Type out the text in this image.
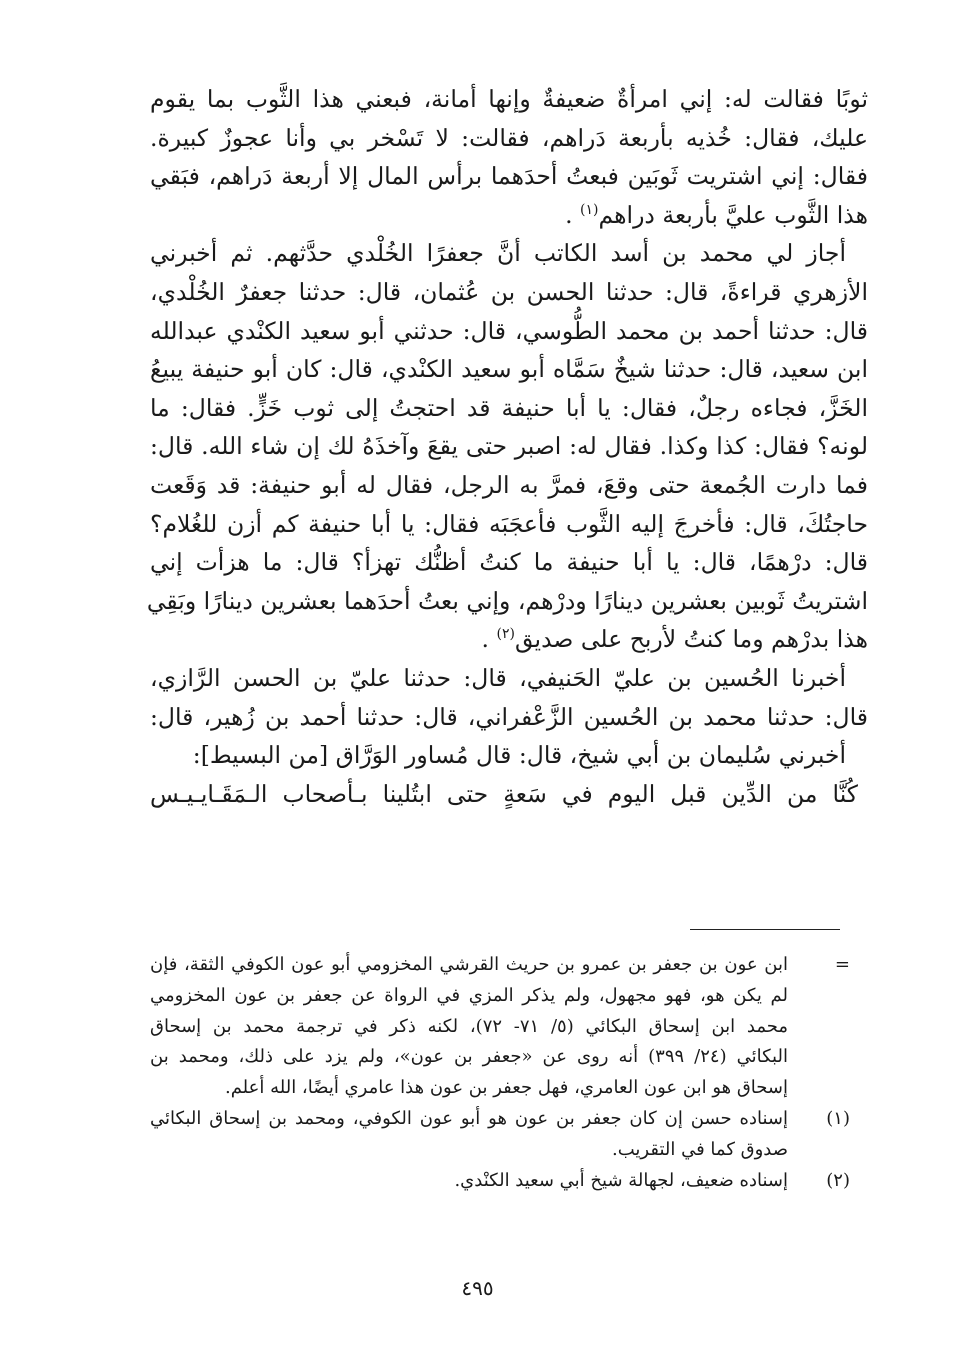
ثوبًا فقالت له: إني امرأةٌ ضعيفةٌ وإنها أمانة، فبعني هذا الثَّوب بما يقوم
عليك، فقال: خُذيه بأربعة دَراهم، فقالت: لا تَسْخر بي وأنا عجوزٌ كبيرة.
فقال: إني اشتريت ثَوبَين فبعتُ أحدَهما برأس المال إلا أربعة دَراهم، فبَقي
هذا الثَّوب عليَّ بأربعة دراهم$^{(١)}$ .
أجاز لي محمد بن أسد الكاتب أنَّ جعفرًا الخُلْدي حدَّثهم. ثم أخبرني
الأزهري قراءةً، قال: حدثنا الحسن بن عُثمان، قال: حدثنا جعفرٌ الخُلْدي،
قال: حدثنا أحمد بن محمد الطُّوسي، قال: حدثني أبو سعيد الكنْدي عبدالله
ابن سعيد، قال: حدثنا شيخٌ سَمَّاه أبو سعيد الكنْدي، قال: كان أبو حنيفة يبيعُ
الخَزَّ، فجاءه رجلٌ، فقال: يا أبا حنيفة قد احتجتُ إلى ثوب خَزٍّ. فقال: ما
لونه؟ فقال: كذا وكذا. فقال له: اصبر حتى يقعَ وآخذَهُ لك إن شاء الله. قال:
فما دارت الجُمعة حتى وقعَ، فمرَّ به الرجل، فقال له أبو حنيفة: قد وَقَعت
حاجتُكَ، قال: فأخرجَ إليه الثَّوب فأعجَبَه فقال: يا أبا حنيفة كم أزن للغُلام؟
قال: درْهمًا، قال: يا أبا حنيفة ما كنتُ أظنُّك تهزأ؟ قال: ما هزأت إني
اشتريتُ ثَوبين بعشرين دينارًا ودرْهم، وإني بعتُ أحدَهما بعشرين دينارًا وبَقِي
هذا بدرْهم وما كنتُ لأربح على صديق$^{(٢)}$ .
أخبرنا الحُسين بن عليّ الحَنيفي، قال: حدثنا عليّ بن الحسن الرَّازي،
قال: حدثنا محمد بن الحُسين الزَّعْفراني، قال: حدثنا أحمد بن زُهير، قال:
أخبرني سُليمان بن أبي شيخ، قال: قال مُساور الوَرَّاق [من البسيط]:
كُنَّا من الدِّين قبل اليوم في سَعةٍ حتى ابتُلينا بـأصحاب الـمَقَـايـيـس
=
ابن عون بن جعفر بن عمرو بن حريث القرشي المخزومي أبو عون الكوفي الثقة، فإن
لم يكن هو، فهو مجهول، ولم يذكر المزي في الرواة عن جعفر بن عون المخزومي
محمد ابن إسحاق البكائي (٥/ ٧١- ٧٢)، لكنه ذكر في ترجمة محمد بن إسحاق
البكائي (٢٤/ ٣٩٩) أنه روى عن «جعفر بن عون»، ولم يزد على ذلك، ومحمد بن
إسحاق هو ابن عون العامري، فهل جعفر بن عون هذا عامري أيضًا، الله أعلم.
(١)
إسناده حسن إن كان جعفر بن عون هو أبو عون الكوفي، ومحمد بن إسحاق البكائي
صدوق كما في التقريب.
(٢)
إسناده ضعيف، لجهالة شيخ أبي سعيد الكنْدي.
٤٩٥
